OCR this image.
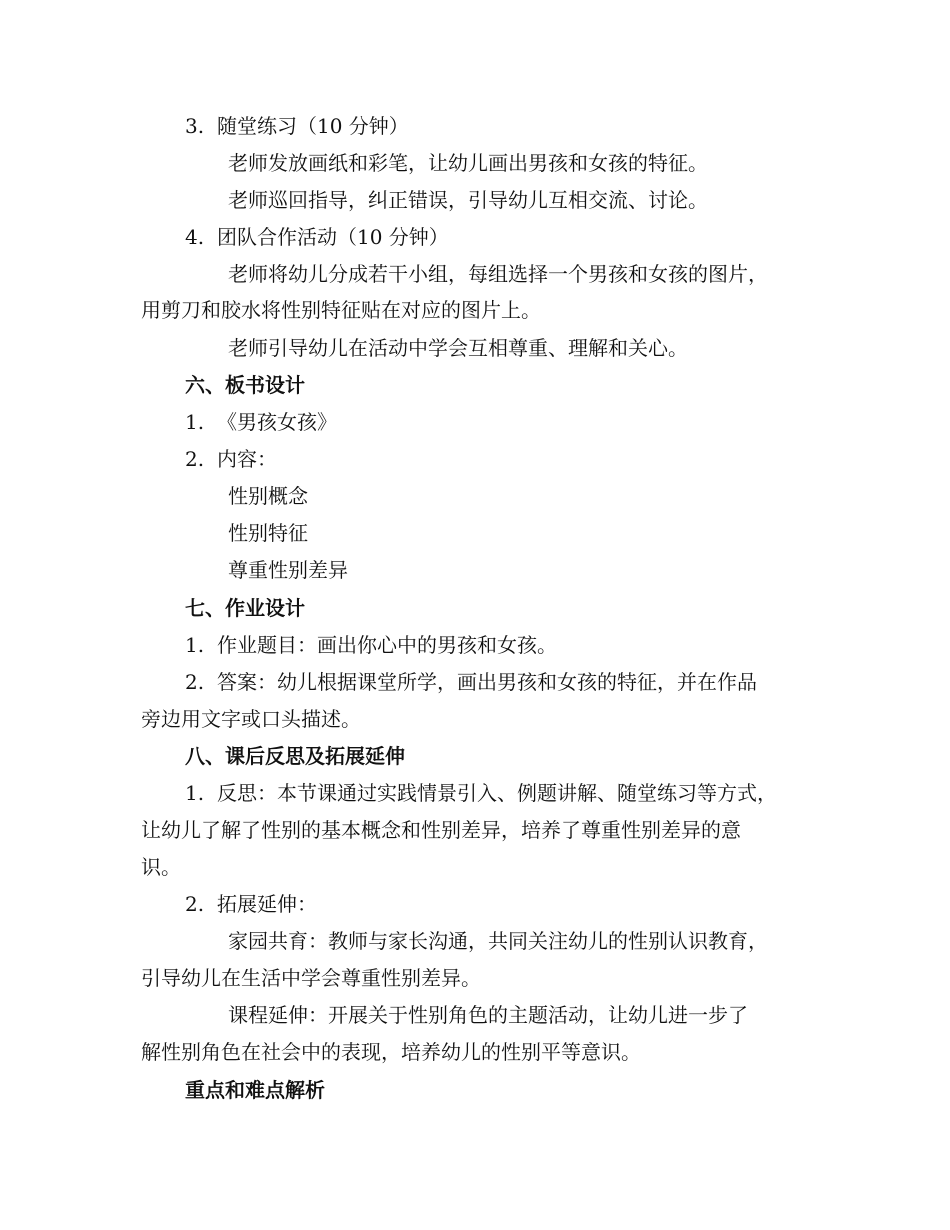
3. 随堂练习（10 分钟）
老师发放画纸和彩笔，让幼儿画出男孩和女孩的特征。
老师巡回指导，纠正错误，引导幼儿互相交流、讨论。
4. 团队合作活动（10 分钟）
老师将幼儿分成若干小组，每组选择一个男孩和女孩的图片，
用剪刀和胶水将性别特征贴在对应的图片上。
老师引导幼儿在活动中学会互相尊重、理解和关心。
六、板书设计
1. 《男孩女孩》
2. 内容：
性别概念
性别特征
尊重性别差异
七、作业设计
1. 作业题目：画出你心中的男孩和女孩。
2. 答案：幼儿根据课堂所学，画出男孩和女孩的特征，并在作品
旁边用文字或口头描述。
八、课后反思及拓展延伸
1. 反思：本节课通过实践情景引入、例题讲解、随堂练习等方式，
让幼儿了解了性别的基本概念和性别差异，培养了尊重性别差异的意
识。
2. 拓展延伸：
家园共育：教师与家长沟通，共同关注幼儿的性别认识教育，
引导幼儿在生活中学会尊重性别差异。
课程延伸：开展关于性别角色的主题活动，让幼儿进一步了
解性别角色在社会中的表现，培养幼儿的性别平等意识。
重点和难点解析
